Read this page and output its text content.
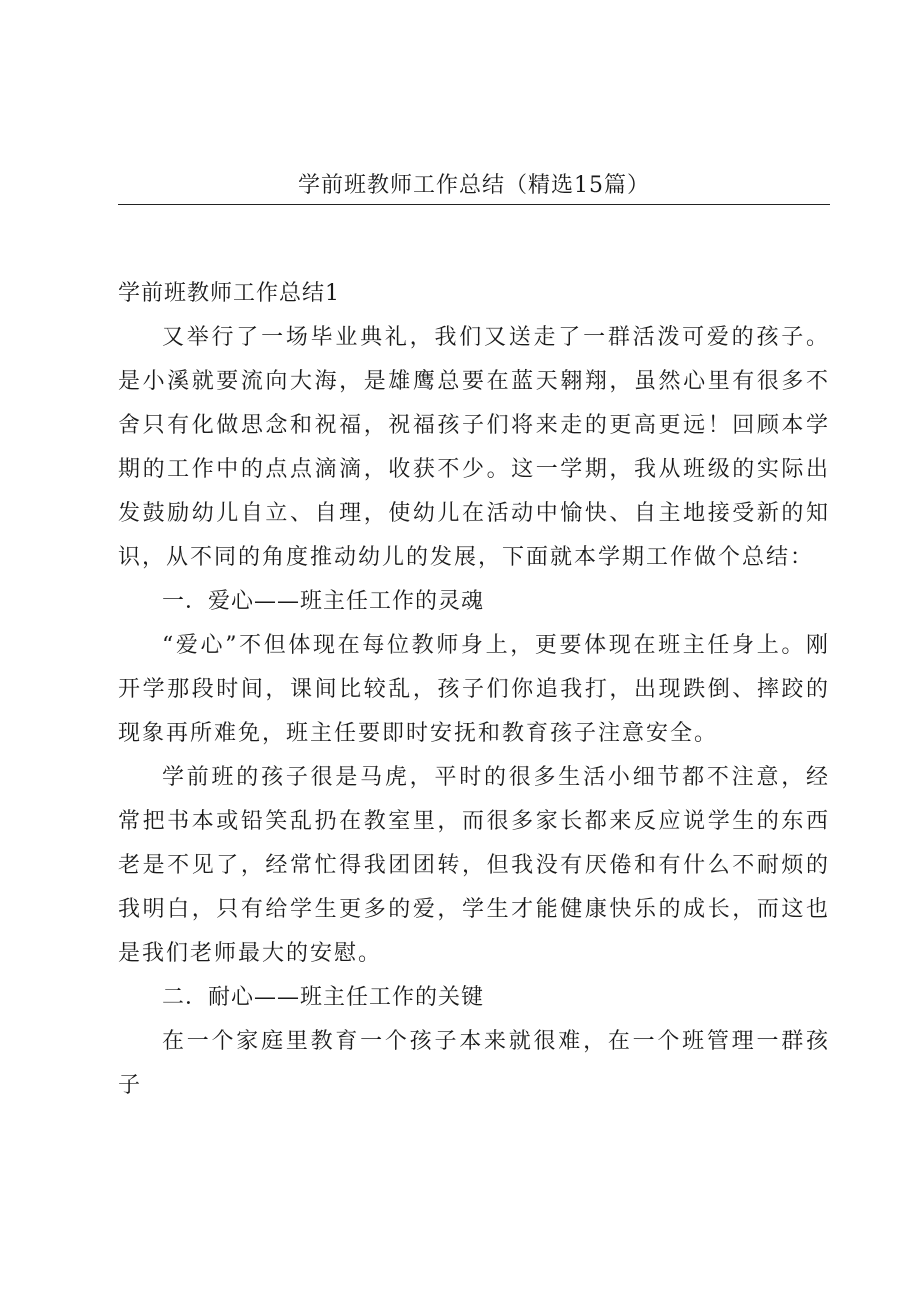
学前班教师工作总结（精选15篇）

学前班教师工作总结1

又举行了一场毕业典礼，我们又送走了一群活泼可爱的孩子。是小溪就要流向大海，是雄鹰总要在蓝天翱翔，虽然心里有很多不舍只有化做思念和祝福，祝福孩子们将来走的更高更远！回顾本学期的工作中的点点滴滴，收获不少。这一学期，我从班级的实际出发鼓励幼儿自立、自理，使幼儿在活动中愉快、自主地接受新的知识，从不同的角度推动幼儿的发展，下面就本学期工作做个总结：

一．爱心——班主任工作的灵魂

“爱心”不但体现在每位教师身上，更要体现在班主任身上。刚开学那段时间，课间比较乱，孩子们你追我打，出现跌倒、摔跤的现象再所难免，班主任要即时安抚和教育孩子注意安全。

学前班的孩子很是马虎，平时的很多生活小细节都不注意，经常把书本或铅笑乱扔在教室里，而很多家长都来反应说学生的东西老是不见了，经常忙得我团团转，但我没有厌倦和有什么不耐烦的我明白，只有给学生更多的爱，学生才能健康快乐的成长，而这也是我们老师最大的安慰。

二．耐心——班主任工作的关键

在一个家庭里教育一个孩子本来就很难，在一个班管理一群孩子
